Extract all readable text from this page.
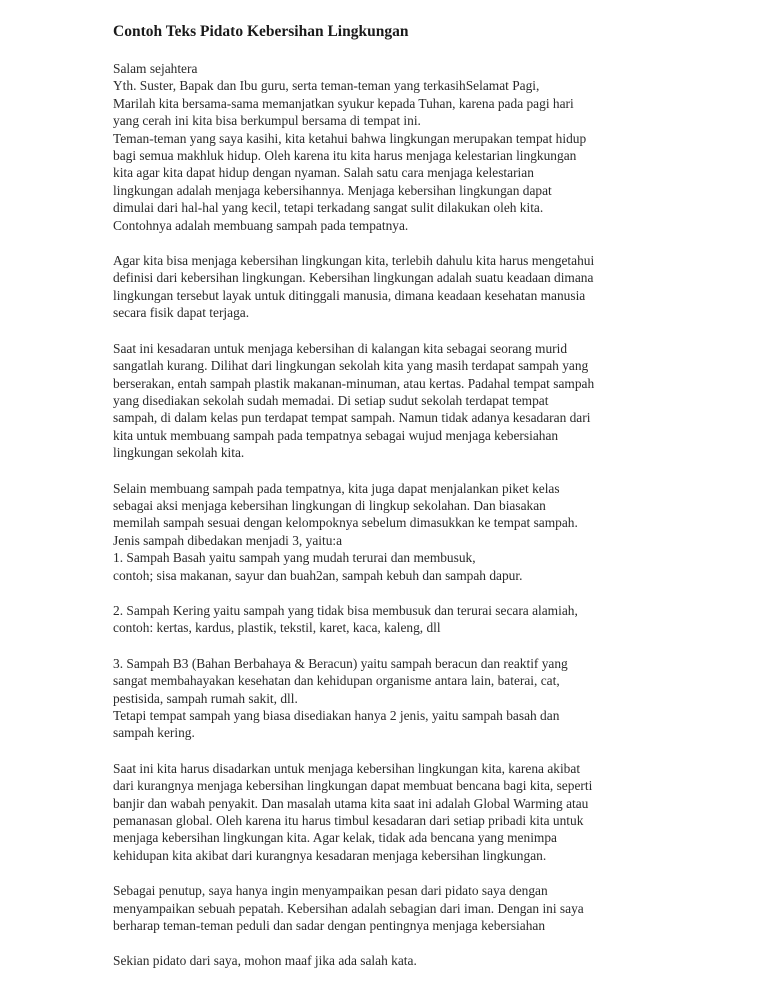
Contoh Teks Pidato Kebersihan Lingkungan
Salam sejahtera
Yth. Suster, Bapak dan Ibu guru, serta teman-teman yang terkasihSelamat Pagi,
Marilah kita bersama-sama memanjatkan syukur kepada Tuhan, karena pada pagi hari
yang cerah ini kita bisa berkumpul bersama di tempat ini.
Teman-teman yang saya kasihi, kita ketahui bahwa lingkungan merupakan tempat hidup
bagi semua makhluk hidup. Oleh karena itu kita harus menjaga kelestarian lingkungan
kita agar kita dapat hidup dengan nyaman. Salah satu cara menjaga kelestarian
lingkungan adalah menjaga kebersihannya. Menjaga kebersihan lingkungan dapat
dimulai dari hal-hal yang kecil, tetapi terkadang sangat sulit dilakukan oleh kita.
Contohnya adalah membuang sampah pada tempatnya.
Agar kita bisa menjaga kebersihan lingkungan kita, terlebih dahulu kita harus mengetahui
definisi dari kebersihan lingkungan. Kebersihan lingkungan adalah suatu keadaan dimana
lingkungan tersebut layak untuk ditinggali manusia, dimana keadaan kesehatan manusia
secara fisik dapat terjaga.
Saat ini kesadaran untuk menjaga kebersihan di kalangan kita sebagai seorang murid
sangatlah kurang. Dilihat dari lingkungan sekolah kita yang masih terdapat sampah yang
berserakan, entah sampah plastik makanan-minuman, atau kertas. Padahal tempat sampah
yang disediakan sekolah sudah memadai. Di setiap sudut sekolah terdapat tempat
sampah, di dalam kelas pun terdapat tempat sampah. Namun tidak adanya kesadaran dari
kita untuk membuang sampah pada tempatnya sebagai wujud menjaga kebersiahan
lingkungan sekolah kita.
Selain membuang sampah pada tempatnya, kita juga dapat menjalankan piket kelas
sebagai aksi menjaga kebersihan lingkungan di lingkup sekolahan. Dan biasakan
memilah sampah sesuai dengan kelompoknya sebelum dimasukkan ke tempat sampah.
Jenis sampah dibedakan menjadi 3, yaitu:a
1. Sampah Basah yaitu sampah yang mudah terurai dan membusuk,
contoh; sisa makanan, sayur dan buah2an, sampah kebuh dan sampah dapur.
2. Sampah Kering yaitu sampah yang tidak bisa membusuk dan terurai secara alamiah,
contoh: kertas, kardus, plastik, tekstil, karet, kaca, kaleng, dll
3. Sampah B3 (Bahan Berbahaya & Beracun) yaitu sampah beracun dan reaktif yang
sangat membahayakan kesehatan dan kehidupan organisme antara lain, baterai, cat,
pestisida, sampah rumah sakit, dll.
Tetapi tempat sampah yang biasa disediakan hanya 2 jenis, yaitu sampah basah dan
sampah kering.
Saat ini kita harus disadarkan untuk menjaga kebersihan lingkungan kita, karena akibat
dari kurangnya menjaga kebersihan lingkungan dapat membuat bencana bagi kita, seperti
banjir dan wabah penyakit. Dan masalah utama kita saat ini adalah Global Warming atau
pemanasan global. Oleh karena itu harus timbul kesadaran dari setiap pribadi kita untuk
menjaga kebersihan lingkungan kita. Agar kelak, tidak ada bencana yang menimpa
kehidupan kita akibat dari kurangnya kesadaran menjaga kebersihan lingkungan.
Sebagai penutup, saya hanya ingin menyampaikan pesan dari pidato saya dengan
menyampaikan sebuah pepatah. Kebersihan adalah sebagian dari iman. Dengan ini saya
berharap teman-teman peduli dan sadar dengan pentingnya menjaga kebersiahan
Sekian pidato dari saya, mohon maaf jika ada salah kata.
